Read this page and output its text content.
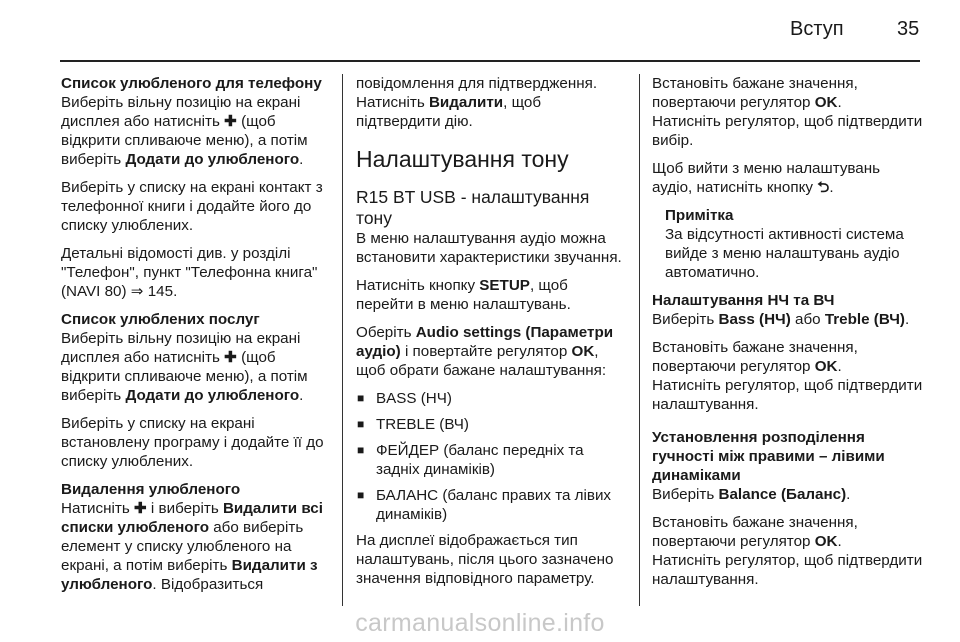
Вступ	35

Список улюбленого для телефону
Виберіть вільну позицію на екрані дисплея або натисніть ✚ (щоб відкрити спливаюче меню), а потім виберіть Додати до улюбленого.

Виберіть у списку на екрані контакт з телефонної книги і додайте його до списку улюблених.

Детальні відомості див. у розділі "Телефон", пункт "Телефонна книга" (NAVI 80) ⇒ 145.

Список улюблених послуг
Виберіть вільну позицію на екрані дисплея або натисніть ✚ (щоб відкрити спливаюче меню), а потім виберіть Додати до улюбленого.

Виберіть у списку на екрані встановлену програму і додайте її до списку улюблених.

Видалення улюбленого
Натисніть ✚ і виберіть Видалити всі списки улюбленого або виберіть елемент у списку улюбленого на екрані, а потім виберіть Видалити з улюбленого. Відобразиться

повідомлення для підтвердження. Натисніть Видалити, щоб підтвердити дію.

Налаштування тону
R15 BT USB - налаштування тону

В меню налаштування аудіо можна встановити характеристики звучання.

Натисніть кнопку SETUP, щоб перейти в меню налаштувань.

Оберіть Audio settings (Параметри аудіо) і повертайте регулятор OK, щоб обрати бажане налаштування:

■ BASS (НЧ)
■ TREBLE (ВЧ)
■ ФЕЙДЕР (баланс передніх та задніх динаміків)
■ БАЛАНС (баланс правих та лівих динаміків)

На дисплеї відображається тип налаштувань, після цього зазначено значення відповідного параметру.

Встановіть бажане значення, повертаючи регулятор OK.
Натисніть регулятор, щоб підтвердити вибір.

Щоб вийти з меню налаштувань аудіо, натисніть кнопку ⮌.

Примітка
За відсутності активності система вийде з меню налаштувань аудіо автоматично.

Налаштування НЧ та ВЧ
Виберіть Bass (НЧ) або Treble (ВЧ).

Встановіть бажане значення, повертаючи регулятор OK.
Натисніть регулятор, щоб підтвердити налаштування.

Установлення розподілення гучності між правими – лівими динаміками
Виберіть Balance (Баланс).

Встановіть бажане значення, повертаючи регулятор OK.
Натисніть регулятор, щоб підтвердити налаштування.

carmanualsonline.info
